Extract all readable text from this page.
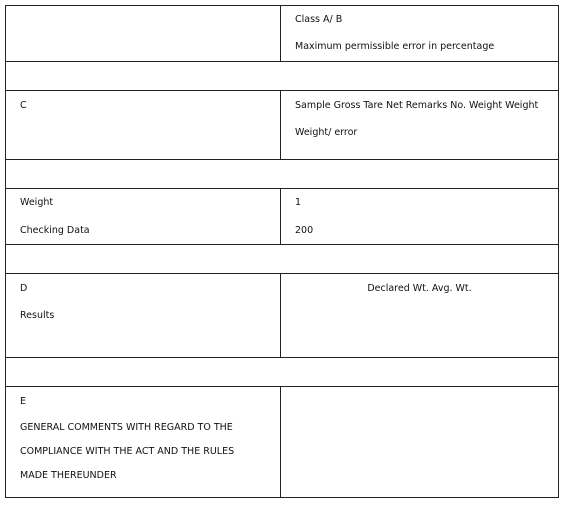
Class A/ B
Maximum permissible error in percentage
C	Sample Gross Tare Net Remarks No. Weight Weight
Weight/ error
Weight
Checking Data
1
200
D
Results
Declared Wt. Avg. Wt.
E
GENERAL COMMENTS WITH REGARD TO THE
COMPLIANCE WITH THE ACT AND THE RULES
MADE THEREUNDER
